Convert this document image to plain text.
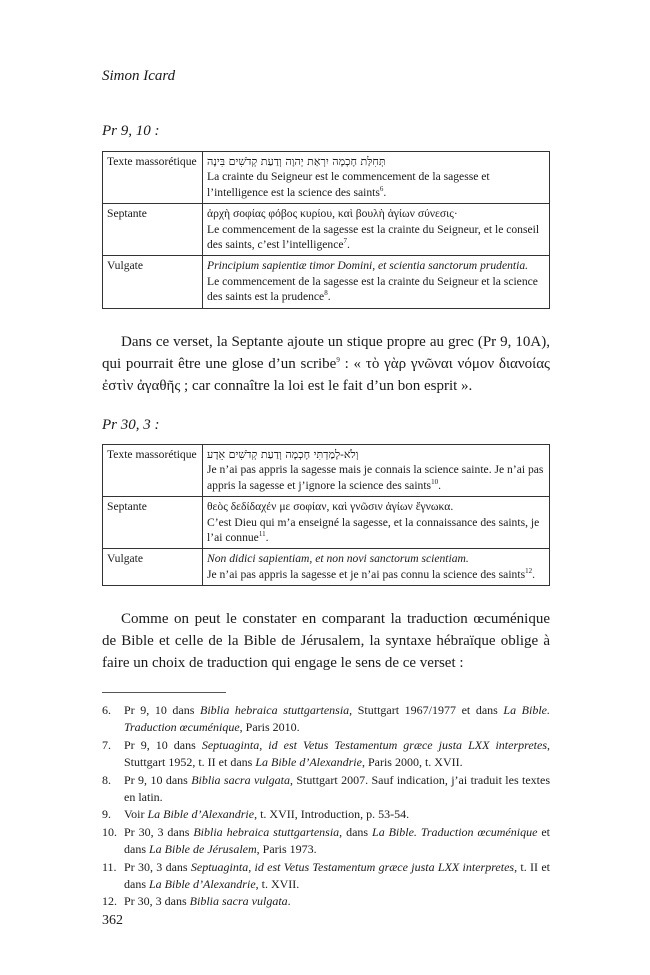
Simon Icard
Pr 9, 10 :
Texte massorétique	תְּחִלַּת חָכְמָה יִרְאַת יְהוָה וְדַעַת קְדֹשִׁים בִּינָה
La crainte du Seigneur est le commencement de la sagesse et l’intelligence est la science des saints$^6$.

Septante	ἀρχὴ σοφίας φόβος κυρίου, καὶ βουλὴ ἁγίων σύνεσις·
Le commencement de la sagesse est la crainte du Seigneur, et le conseil des saints, c’est l’intelligence$^7$.

Vulgate	Principium sapientiæ timor Domini, et scientia sanctorum prudentia.
Le commencement de la sagesse est la crainte du Seigneur et la science des saints est la prudence$^8$.
Dans ce verset, la Septante ajoute un stique propre au grec (Pr 9, 10A), qui pourrait être une glose d’un scribe$^9$ : « τὸ γὰρ γνῶναι νόμον διανοίας ἐστὶν ἀγαθῆς ; car connaître la loi est le fait d’un bon esprit ».
Pr 30, 3 :
Texte massorétique	וְלֹא-לָמַדְתִּי חָכְמָה וְדַעַת קְדֹשִׁים אֵדָע
Je n’ai pas appris la sagesse mais je connais la science sainte. Je n’ai pas appris la sagesse et j’ignore la science des saints$^{10}$.

Septante	θεὸς δεδίδαχέν με σοφίαν, καὶ γνῶσιν ἁγίων ἔγνωκα.
C’est Dieu qui m’a enseigné la sagesse, et la connaissance des saints, je l’ai connue$^{11}$.

Vulgate	Non didici sapientiam, et non novi sanctorum scientiam.
Je n’ai pas appris la sagesse et je n’ai pas connu la science des saints$^{12}$.
Comme on peut le constater en comparant la traduction œcuménique de Bible et celle de la Bible de Jérusalem, la syntaxe hébraïque oblige à faire un choix de traduction qui engage le sens de ce verset :
6.	Pr 9, 10 dans Biblia hebraica stuttgartensia, Stuttgart 1967/1977 et dans La Bible. Traduction œcuménique, Paris 2010.
7.	Pr 9, 10 dans Septuaginta, id est Vetus Testamentum græce justa LXX interpretes, Stuttgart 1952, t. II et dans La Bible d’Alexandrie, Paris 2000, t. XVII.
8.	Pr 9, 10 dans Biblia sacra vulgata, Stuttgart 2007. Sauf indication, j’ai traduit les textes en latin.
9.	Voir La Bible d’Alexandrie, t. XVII, Introduction, p. 53-54.
10. Pr 30, 3 dans Biblia hebraica stuttgartensia, dans La Bible. Traduction œcuménique et dans La Bible de Jérusalem, Paris 1973.
11. Pr 30, 3 dans Septuaginta, id est Vetus Testamentum græce justa LXX interpretes, t. II et dans La Bible d’Alexandrie, t. XVII.
12. Pr 30, 3 dans Biblia sacra vulgata.
362
